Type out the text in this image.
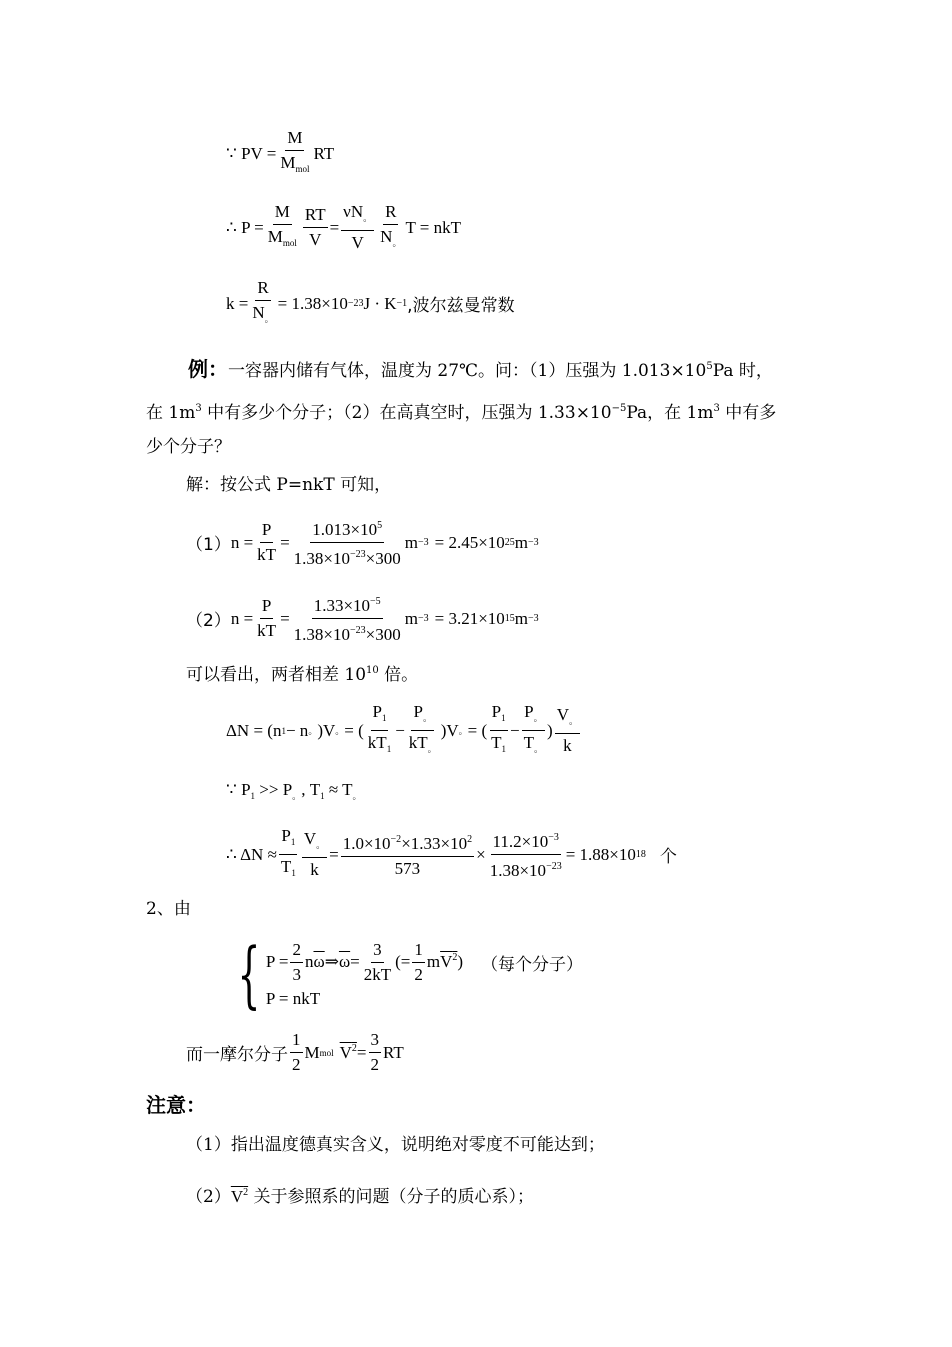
∵ PV = $\frac{M}{M_{mol}}$ RT
∴ $P = \frac{M}{M_{mol}} \frac{RT}{V} = \frac{\nu N_。}{V} \frac{R}{N_。}$ T = nkT
$k = \frac{R}{N_。} = 1.38\times 10 -23$ J · K −1 ,波尔兹曼常数
例：一容器内储有气体，温度为 27℃。问：（1）压强为 $1.013\times 10^5Pa$ 时，
在 $1m^3$ 中有多少个分子；（2）在高真空时，压强为 $1.33\times 10^{-5}Pa$，在 $1m^3$ 中有多
少个分子？
解：按公式 P=nkT 可知，
（1） $n = \frac{P}{kT} = \frac{1.013\times 10^5}{1.38\times 10^{-23}\times 300}$ m −3 = 2.45×10 25 m −3
（2） $n = \frac{P}{kT} = \frac{1.33\times 10^{-5}}{1.38\times 10^{-23}\times 300}$ m −3 = 3.21×10 15 m −3
可以看出，两者相差 $10^{10}$ 倍。
ΔN = (n 1 − n 。 )V 。 = ( $\frac{P_1}{kT_1} - \frac{P_。}{kT_。} )V$ 。 = ( $\frac{P_1}{T_1} - \frac{P_。}{T_。}$ ) $\frac{V_。}{k}$
∵ $P_1 >> P_。$, $T_1 \approx T_。$
∴ $\Delta N \approx \frac{P_1}{T_1} \frac{V_。}{k} = \frac{1.0\times 10^{-2}\times 1.33\times 10^2}{573} \times \frac{11.2\times 10^{-3}}{1.38\times 10^{-23}} = 1.88\times 10$ 18 个
2、由
{ $P = \frac{2}{3}$ n $\overline{\omega}$ ⇒ $\overline{\omega} = \frac{3}{2kT}$ (= $\frac{1}{2}$ m $V^2$ ) （每个分子）
P = nkT
而一摩尔分子 $\frac{1}{2}$ M mol $V^2 = \frac{3}{2}$ RT
注意：
（1）指出温度德真实含义，说明绝对零度不可能达到；
$(2)V^2$ 关于参照系的问题（分子的质心系）；
